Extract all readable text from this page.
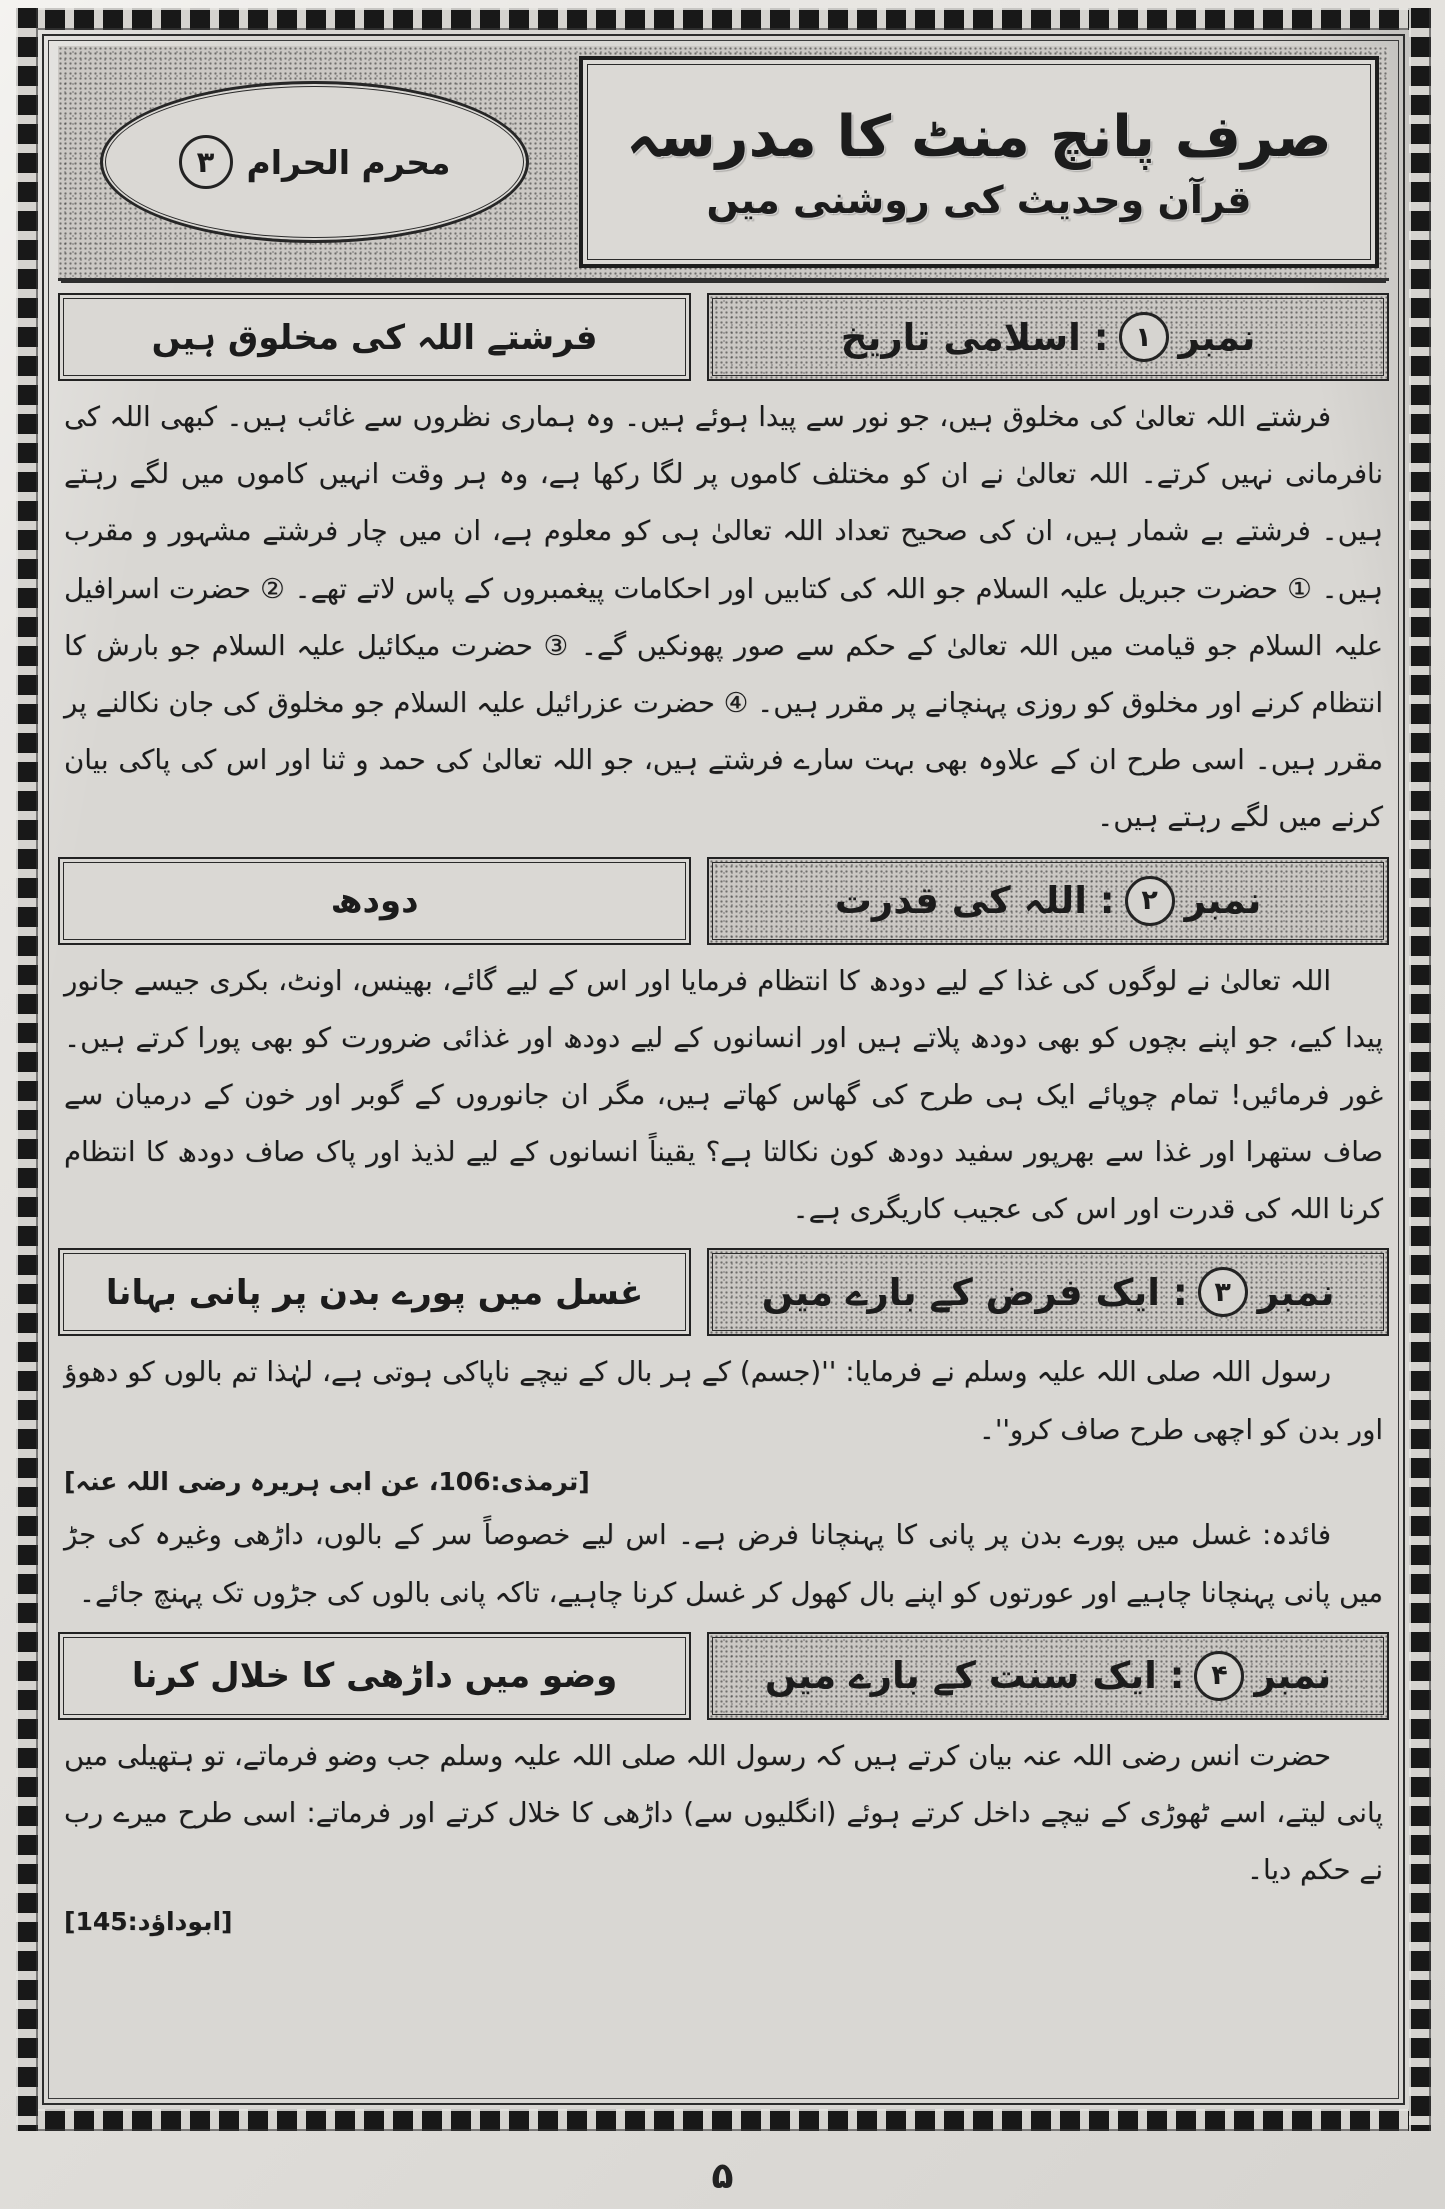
صرف پانچ منٹ کا مدرسہ
قرآن وحدیث کی روشنی میں
محرم الحرام
۳
نمبر
۱
: اسلامی تاریخ
فرشتے اللہ کی مخلوق ہیں

فرشتے اللہ تعالیٰ کی مخلوق ہیں، جو نور سے پیدا ہوئے ہیں۔ وہ ہماری نظروں سے غائب ہیں۔ کبھی اللہ کی نافرمانی نہیں کرتے۔ اللہ تعالیٰ نے ان کو مختلف کاموں پر لگا رکھا ہے، وہ ہر وقت انہیں کاموں میں لگے رہتے ہیں۔ فرشتے بے شمار ہیں، ان کی صحیح تعداد اللہ تعالیٰ ہی کو معلوم ہے، ان میں چار فرشتے مشہور و مقرب ہیں۔ ① حضرت جبریل علیہ السلام جو اللہ کی کتابیں اور احکامات پیغمبروں کے پاس لاتے تھے۔ ② حضرت اسرافیل علیہ السلام جو قیامت میں اللہ تعالیٰ کے حکم سے صور پھونکیں گے۔ ③ حضرت میکائیل علیہ السلام جو بارش کا انتظام کرنے اور مخلوق کو روزی پہنچانے پر مقرر ہیں۔ ④ حضرت عزرائیل علیہ السلام جو مخلوق کی جان نکالنے پر مقرر ہیں۔ اسی طرح ان کے علاوہ بھی بہت سارے فرشتے ہیں، جو اللہ تعالیٰ کی حمد و ثنا اور اس کی پاکی بیان کرنے میں لگے رہتے ہیں۔

نمبر
۲
: اللہ کی قدرت
دودھ

اللہ تعالیٰ نے لوگوں کی غذا کے لیے دودھ کا انتظام فرمایا اور اس کے لیے گائے، بھینس، اونٹ، بکری جیسے جانور پیدا کیے، جو اپنے بچوں کو بھی دودھ پلاتے ہیں اور انسانوں کے لیے دودھ اور غذائی ضرورت کو بھی پورا کرتے ہیں۔ غور فرمائیں! تمام چوپائے ایک ہی طرح کی گھاس کھاتے ہیں، مگر ان جانوروں کے گوبر اور خون کے درمیان سے صاف ستھرا اور غذا سے بھرپور سفید دودھ کون نکالتا ہے؟ یقیناً انسانوں کے لیے لذیذ اور پاک صاف دودھ کا انتظام کرنا اللہ کی قدرت اور اس کی عجیب کاریگری ہے۔

نمبر
۳
: ایک فرض کے بارے میں
غسل میں پورے بدن پر پانی بہانا

رسول اللہ صلی اللہ علیہ وسلم نے فرمایا: ''(جسم) کے ہر بال کے نیچے ناپاکی ہوتی ہے، لہٰذا تم بالوں کو دھوؤ اور بدن کو اچھی طرح صاف کرو''۔

[ترمذی:106، عن ابی ہریرہ رضی اللہ عنہ]

فائدہ: غسل میں پورے بدن پر پانی کا پہنچانا فرض ہے۔ اس لیے خصوصاً سر کے بالوں، داڑھی وغیرہ کی جڑ میں پانی پہنچانا چاہیے اور عورتوں کو اپنے بال کھول کر غسل کرنا چاہیے، تاکہ پانی بالوں کی جڑوں تک پہنچ جائے۔

نمبر
۴
: ایک سنت کے بارے میں
وضو میں داڑھی کا خلال کرنا

حضرت انس رضی اللہ عنہ بیان کرتے ہیں کہ رسول اللہ صلی اللہ علیہ وسلم جب وضو فرماتے، تو ہتھیلی میں پانی لیتے، اسے ٹھوڑی کے نیچے داخل کرتے ہوئے (انگلیوں سے) داڑھی کا خلال کرتے اور فرماتے: اسی طرح میرے رب نے حکم دیا۔

[ابوداؤد:145]

۵
